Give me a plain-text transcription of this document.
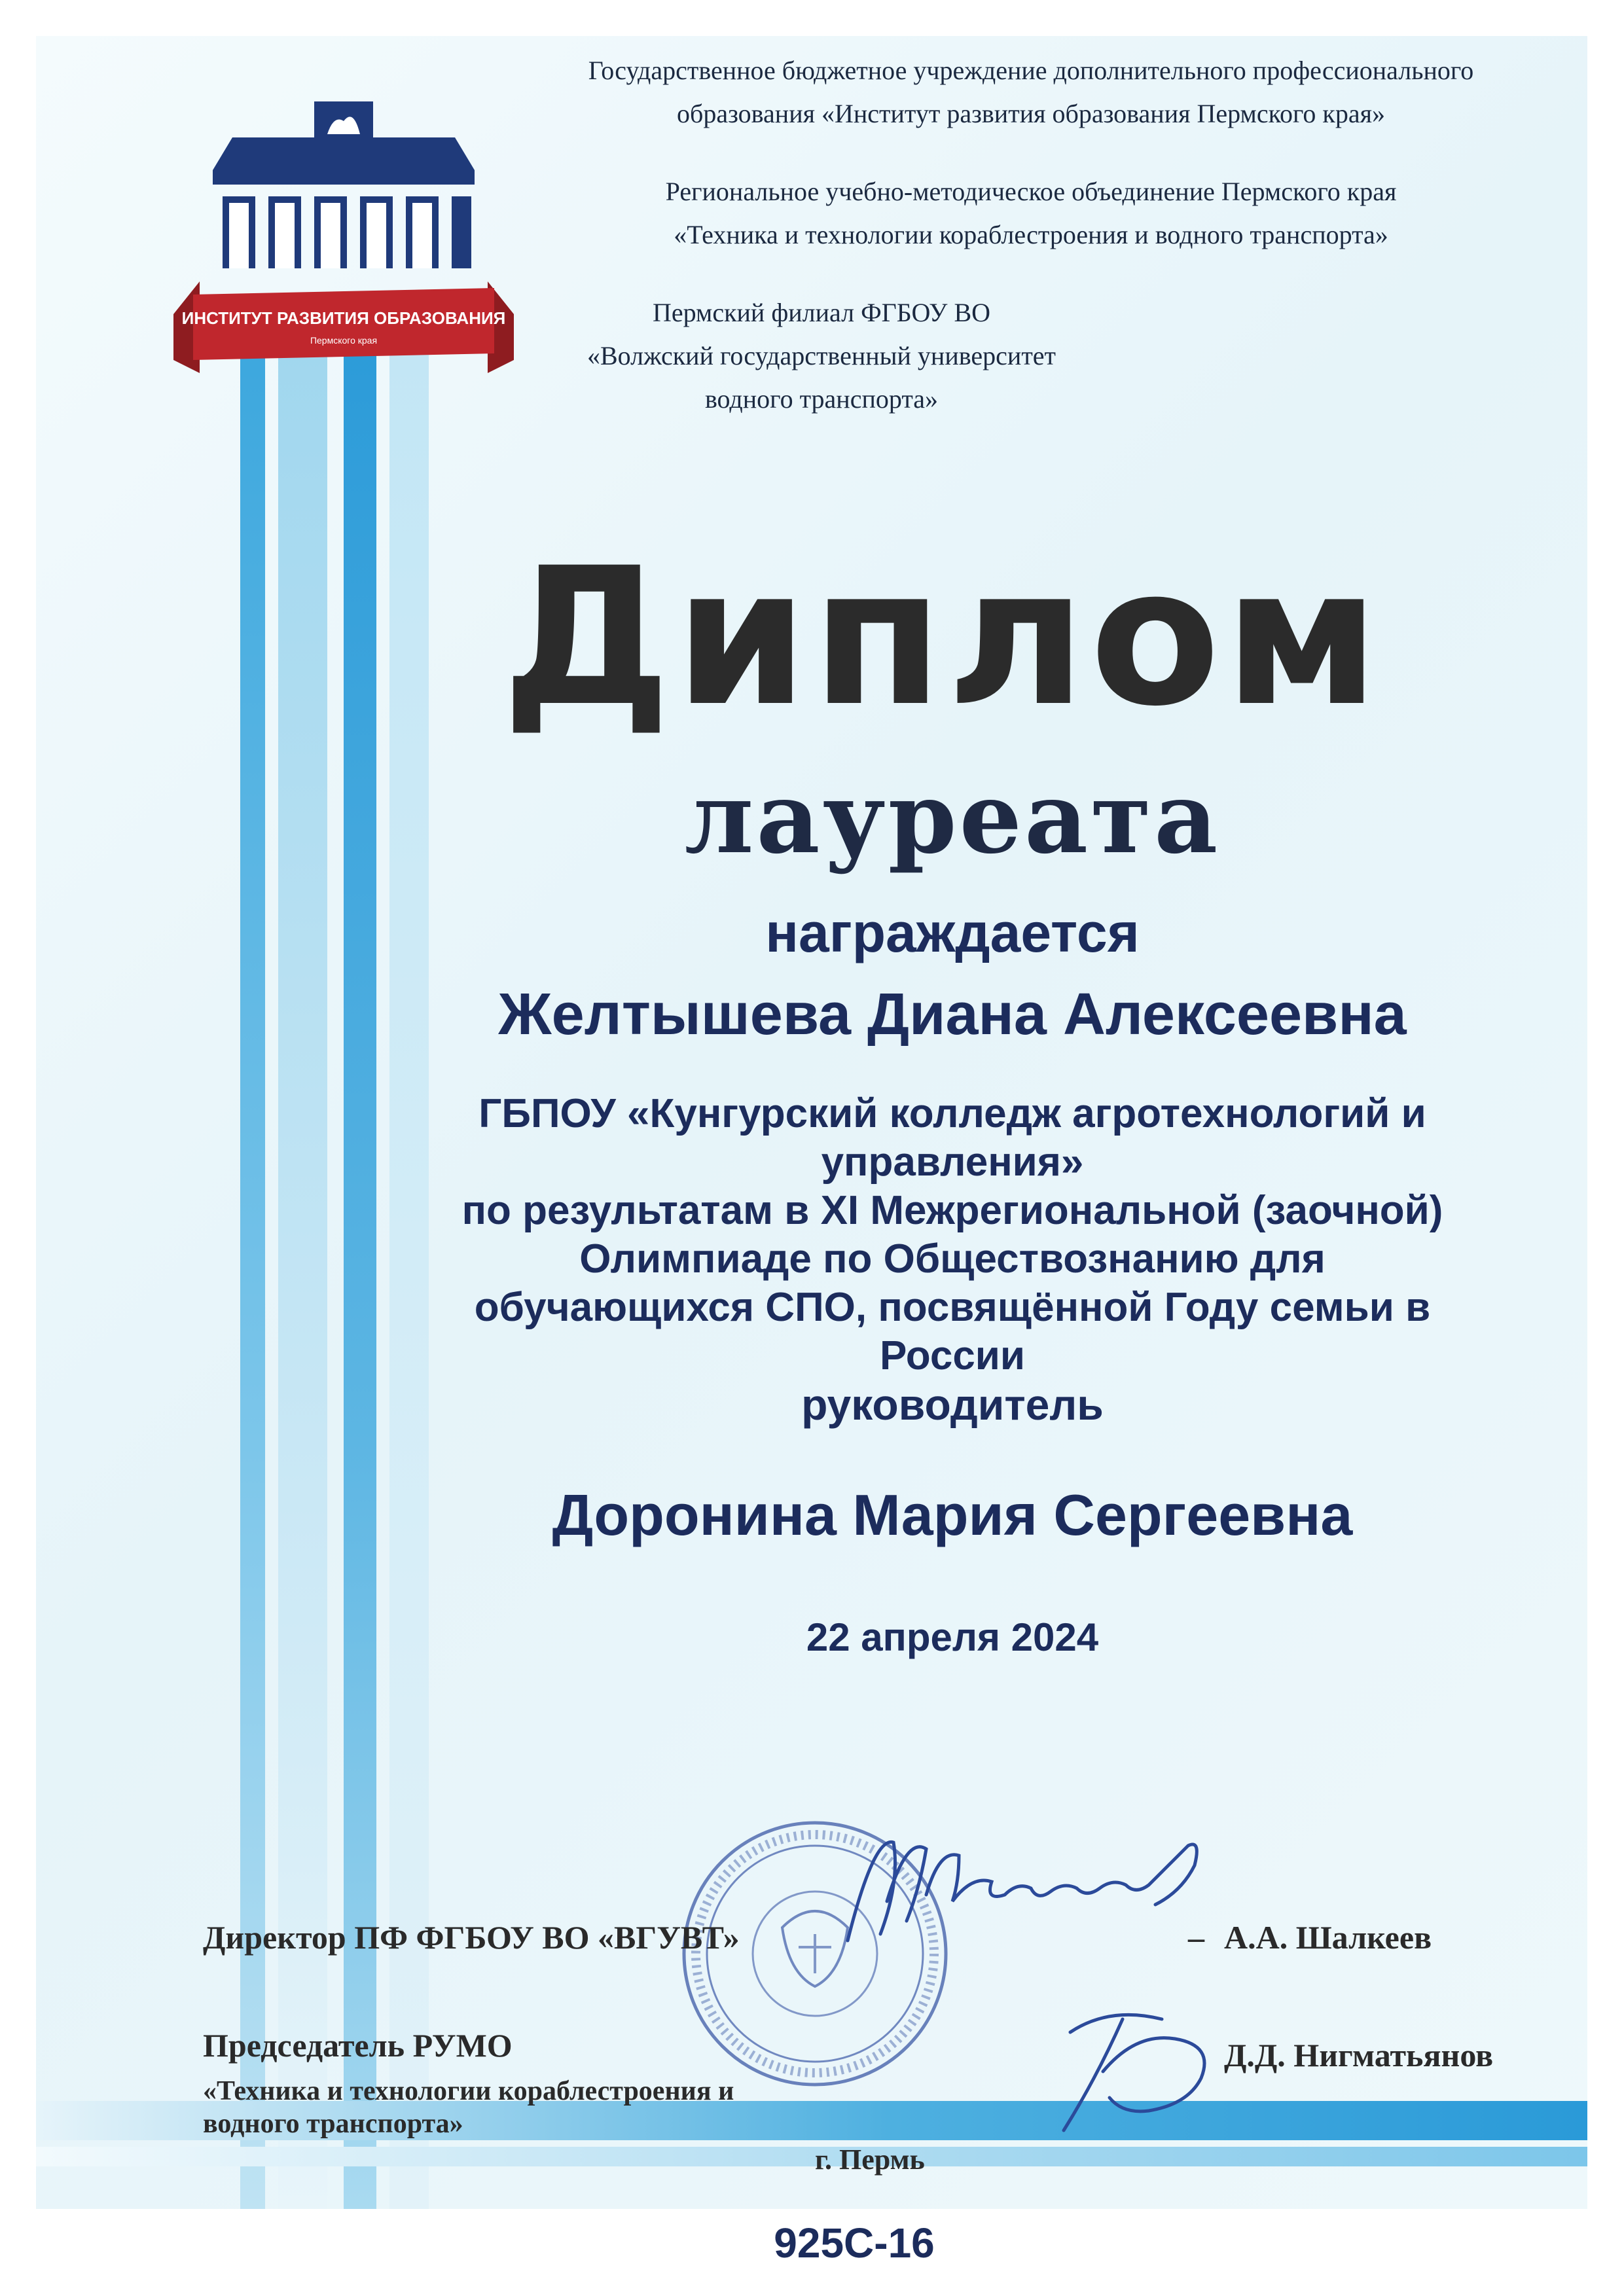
ИНСТИТУТ РАЗВИТИЯ ОБРАЗОВАНИЯ
Пермского края
Государственное бюджетное учреждение дополнительного профессионального
образования «Институт развития образования Пермского края»
Региональное учебно-методическое объединение Пермского края
«Техника и технологии кораблестроения и водного транспорта»
Пермский филиал ФГБОУ ВО
«Волжский государственный университет
водного транспорта»
Диплом
лауреата
награждается
Желтышева Диана Алексеевна
ГБПОУ «Кунгурский колледж агротехнологий и
управления»
по результатам в XI Межрегиональной (заочной)
Олимпиаде по Обществознанию для
обучающихся СПО, посвящённой Году семьи в
России
руководитель
Доронина Мария Сергеевна
22 апреля 2024
Директор ПФ ФГБОУ ВО «ВГУВТ»	– А.А. Шалкеев
Председатель РУМО
«Техника и технологии кораблестроения и
водного транспорта»
Д.Д. Нигматьянов
г. Пермь
925С-16
